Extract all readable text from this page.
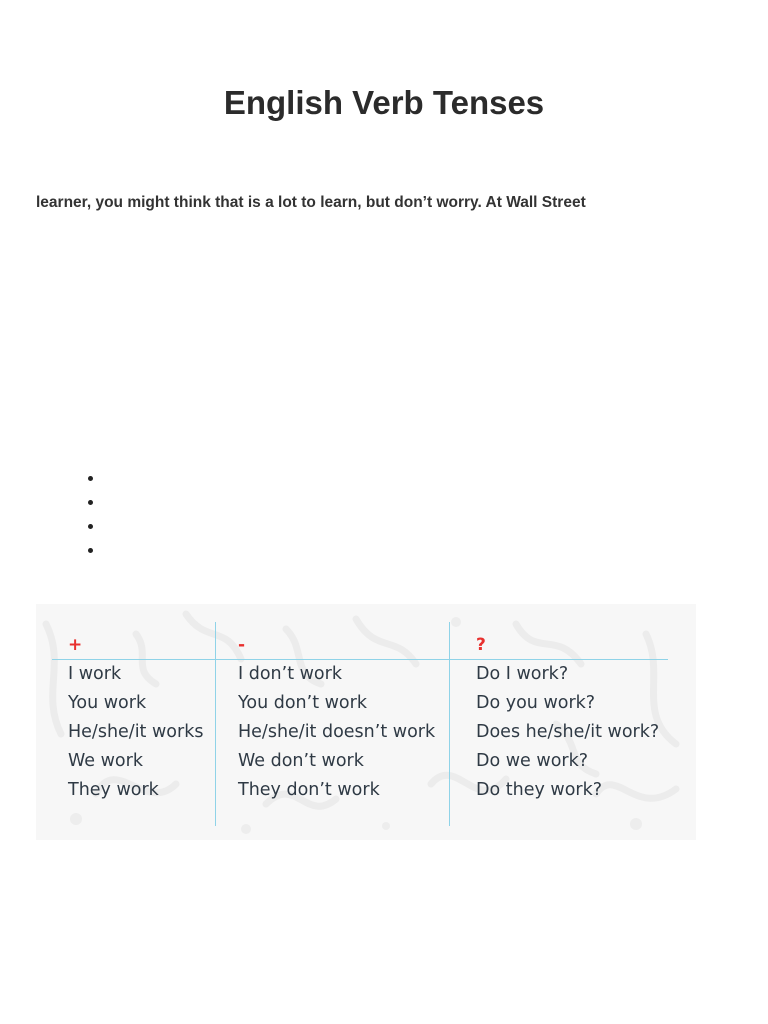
English Verb Tenses

learner, you might think that is a lot to learn, but don’t worry. At Wall Street

+
I work
You work
He/she/it works
We work
They work
-
I don’t work
You don’t work
He/she/it doesn’t work
We don’t work
They don’t work
?
Do I work?
Do you work?
Does he/she/it work?
Do we work?
Do they work?
